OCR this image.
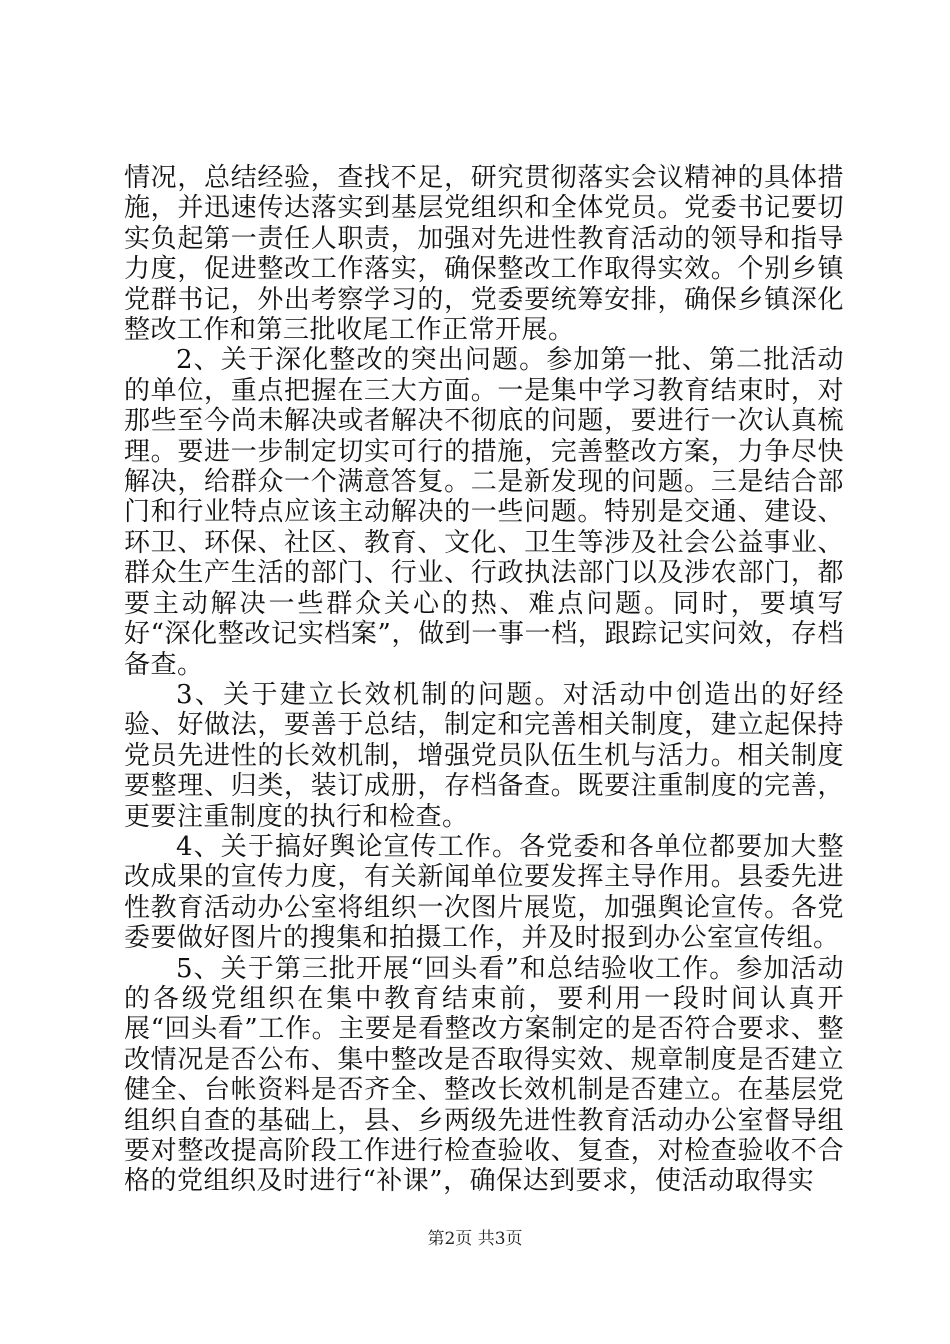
情况，总结经验，查找不足，研究贯彻落实会议精神的具体措施，并迅速传达落实到基层党组织和全体党员。党委书记要切实负起第一责任人职责，加强对先进性教育活动的领导和指导力度，促进整改工作落实，确保整改工作取得实效。个别乡镇党群书记，外出考察学习的，党委要统筹安排，确保乡镇深化整改工作和第三批收尾工作正常开展。

2、关于深化整改的突出问题。参加第一批、第二批活动的单位，重点把握在三大方面。一是集中学习教育结束时，对那些至今尚未解决或者解决不彻底的问题，要进行一次认真梳理。要进一步制定切实可行的措施，完善整改方案，力争尽快解决，给群众一个满意答复。二是新发现的问题。三是结合部门和行业特点应该主动解决的一些问题。特别是交通、建设、环卫、环保、社区、教育、文化、卫生等涉及社会公益事业、群众生产生活的部门、行业、行政执法部门以及涉农部门，都要主动解决一些群众关心的热、难点问题。同时，要填写好“深化整改记实档案”，做到一事一档，跟踪记实问效，存档备查。

3、关于建立长效机制的问题。对活动中创造出的好经验、好做法，要善于总结，制定和完善相关制度，建立起保持党员先进性的长效机制，增强党员队伍生机与活力。相关制度要整理、归类，装订成册，存档备查。既要注重制度的完善，更要注重制度的执行和检查。

4、关于搞好舆论宣传工作。各党委和各单位都要加大整改成果的宣传力度，有关新闻单位要发挥主导作用。县委先进性教育活动办公室将组织一次图片展览，加强舆论宣传。各党委要做好图片的搜集和拍摄工作，并及时报到办公室宣传组。

5、关于第三批开展“回头看”和总结验收工作。参加活动的各级党组织在集中教育结束前，要利用一段时间认真开展“回头看”工作。主要是看整改方案制定的是否符合要求、整改情况是否公布、集中整改是否取得实效、规章制度是否建立健全、台帐资料是否齐全、整改长效机制是否建立。在基层党组织自查的基础上，县、乡两级先进性教育活动办公室督导组要对整改提高阶段工作进行检查验收、复查，对检查验收不合格的党组织及时进行“补课”，确保达到要求，使活动取得实

第2页 共3页
